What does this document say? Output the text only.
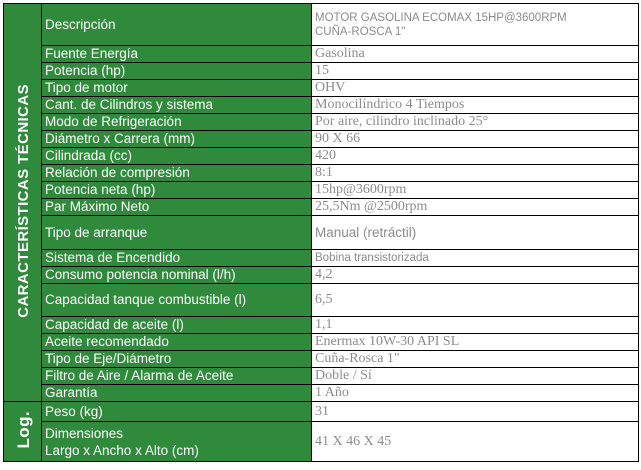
CARACTERÍSTICAS TÉCNICAS	Descripción	MOTOR GASOLINA ECOMAX 15HP@3600RPM
CUÑA-ROSCA 1"

	Fuente Energía	Gasolina
	Potencia (hp)	15
	Tipo de motor	OHV
	Cant. de Cilindros y sistema	Monocilíndrico 4 Tiempos
	Modo de Refrigeración	Por aire, cilindro inclinado 25°
	Diámetro x Carrera (mm)	90 X 66
	Cilindrada (cc)	420
	Relación de compresión	8:1
	Potencia neta (hp)	15hp@3600rpm
	Par Máximo Neto	25,5Nm @2500rpm
	Tipo de arranque	Manual (retráctil)
	Sistema de Encendido	Bobina transistorizada
	Consumo potencia nominal (l/h)	4,2
	Capacidad tanque combustible (l)	6,5
	Capacidad de aceite (l)	1,1
	Aceite recomendado	Enermax 10W-30 API SL
	Tipo de Eje/Diámetro	Cuña-Rosca 1"
	Filtro de Aire / Alarma de Aceite	Doble / Sí
	Garantía	1 Año
Log.	Peso (kg)	31

	Dimensiones
Largo x Ancho x Alto (cm)	41 X 46 X 45
